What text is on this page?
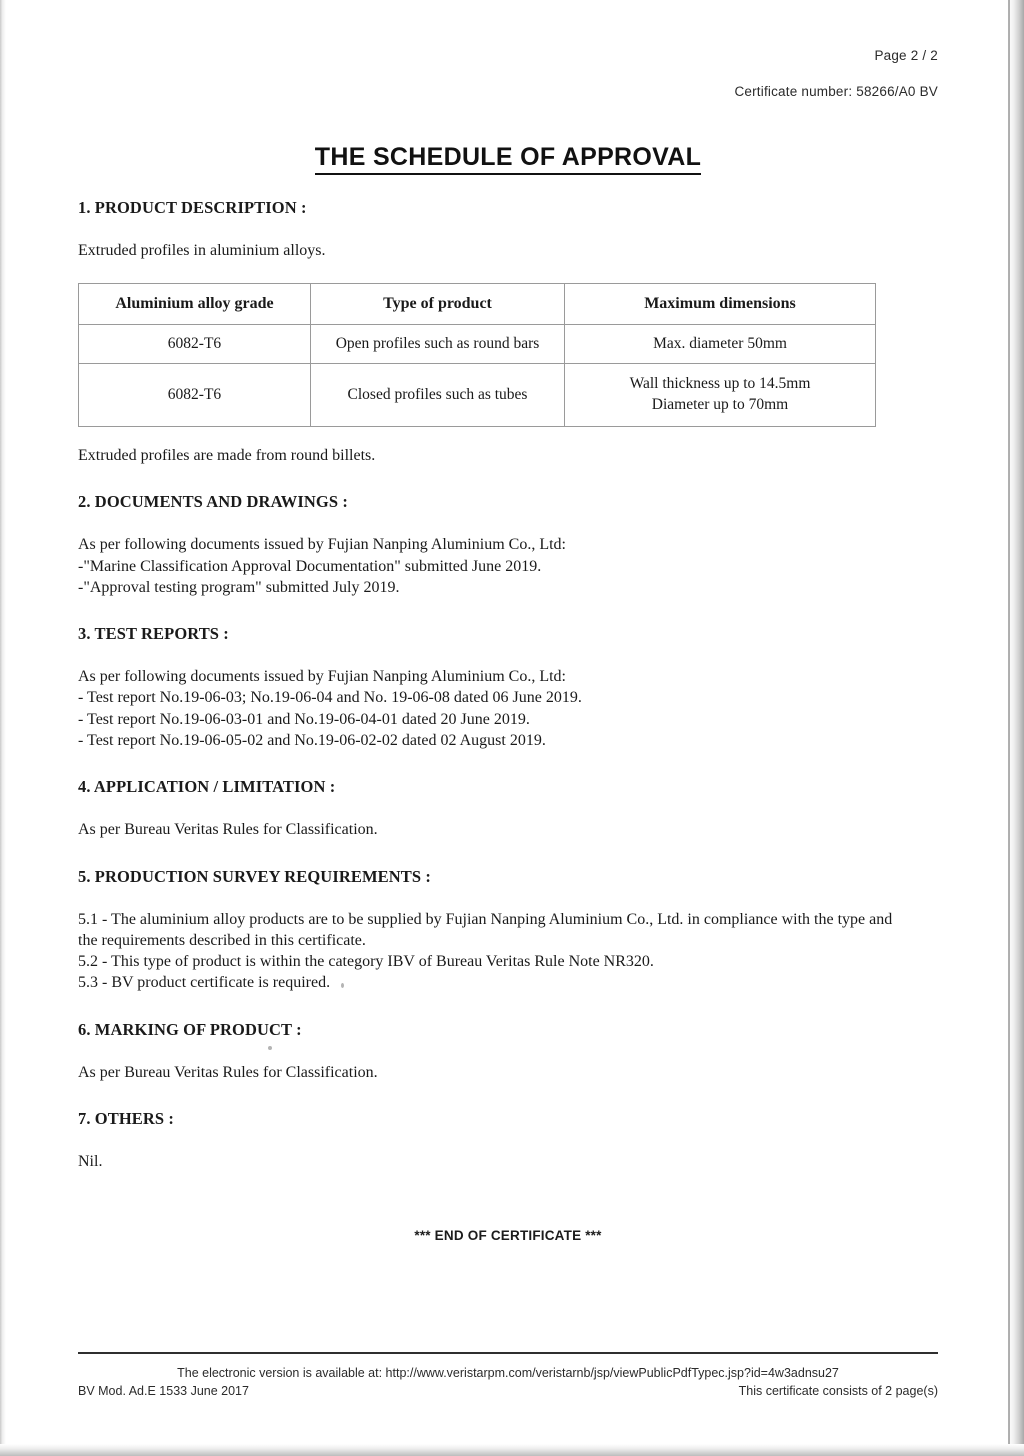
Page 2 / 2
Certificate number: 58266/A0 BV
THE SCHEDULE OF APPROVAL
1. PRODUCT DESCRIPTION :
Extruded profiles in aluminium alloys.
Aluminium alloy grade	Type of product	Maximum dimensions
6082-T6	Open profiles such as round bars	Max. diameter 50mm
6082-T6	Closed profiles such as tubes	Wall thickness up to 14.5mm
Diameter up to 70mm
Extruded profiles are made from round billets.
2. DOCUMENTS AND DRAWINGS :
As per following documents issued by Fujian Nanping Aluminium Co., Ltd:
-"Marine Classification Approval Documentation" submitted June 2019.
-"Approval testing program" submitted July 2019.
3. TEST REPORTS :
As per following documents issued by Fujian Nanping Aluminium Co., Ltd:
- Test report No.19-06-03; No.19-06-04 and No. 19-06-08 dated 06 June 2019.
- Test report No.19-06-03-01 and No.19-06-04-01 dated 20 June 2019.
- Test report No.19-06-05-02 and No.19-06-02-02 dated 02 August 2019.
4. APPLICATION / LIMITATION :
As per Bureau Veritas Rules for Classification.
5. PRODUCTION SURVEY REQUIREMENTS :
5.1 - The aluminium alloy products are to be supplied by Fujian Nanping Aluminium Co., Ltd. in compliance with the type and
the requirements described in this certificate.
5.2 - This type of product is within the category IBV of Bureau Veritas Rule Note NR320.
5.3 - BV product certificate is required.
6. MARKING OF PRODUCT :
As per Bureau Veritas Rules for Classification.
7. OTHERS :
Nil.
*** END OF CERTIFICATE ***
The electronic version is available at: http://www.veristarpm.com/veristarnb/jsp/viewPublicPdfTypec.jsp?id=4w3adnsu27
BV Mod. Ad.E 1533 June 2017	This certificate consists of 2 page(s)
